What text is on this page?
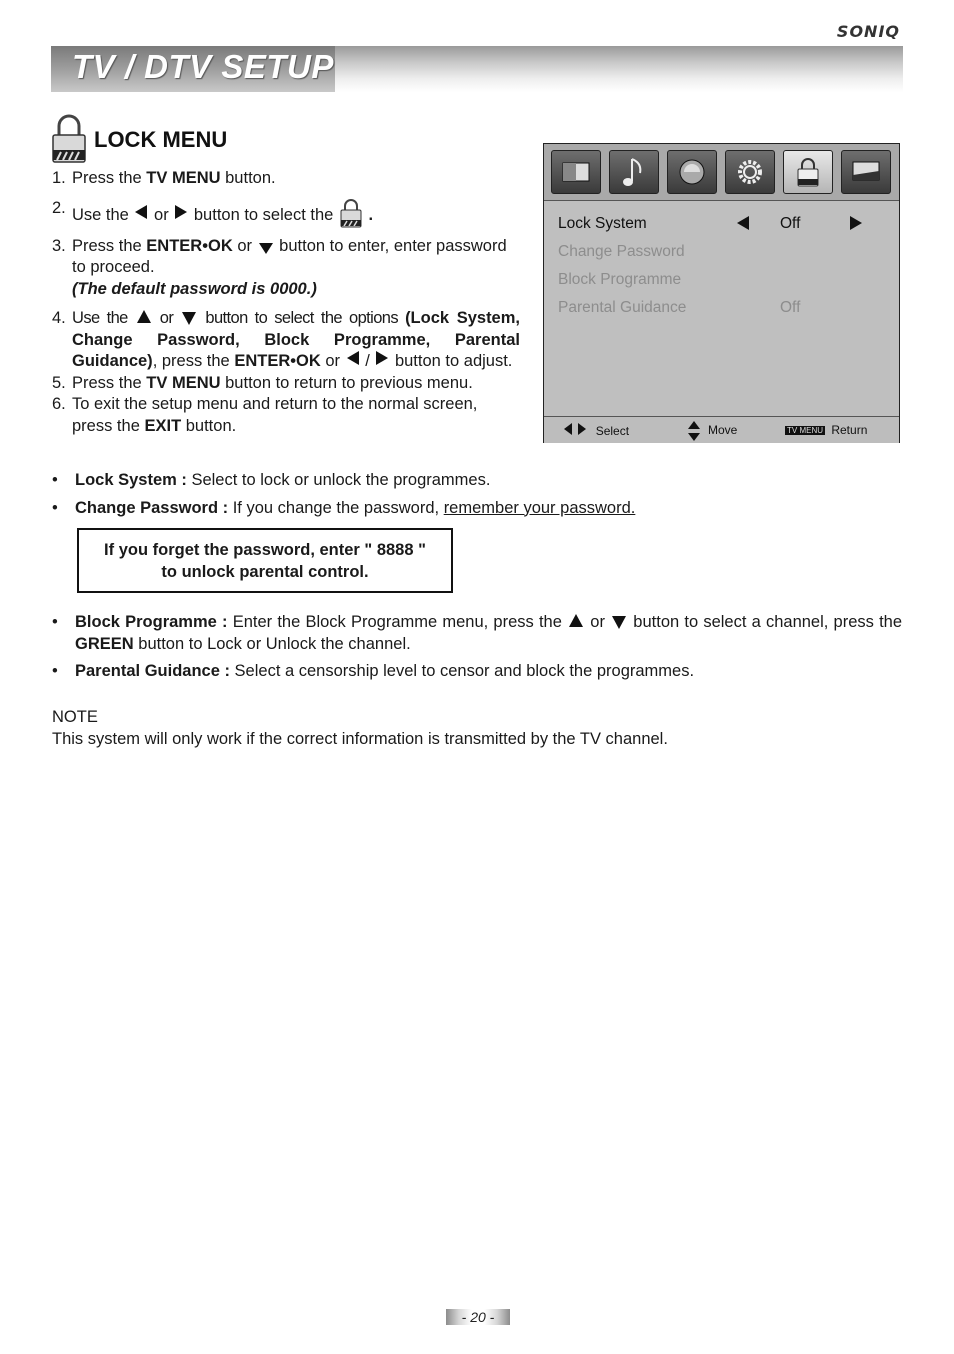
SONIQ
TV / DTV SETUP
LOCK MENU
1. Press the TV MENU button.
2. Use the  or  button to select the  .
3. Press the ENTER•OK or  button to enter, enter password to proceed.
(The default password is 0000.)
4. Use the  or  button to select the options (Lock System, Change Password, Block Programme, Parental Guidance), press the ENTER•OK or  /  button to adjust.
5. Press the TV MENU button to return to previous menu.
6. To exit the setup menu and return to the normal screen, press the EXIT button.
Lock System	Off
Change Password
Block Programme
Parental Guidance	Off
Select	Move	TV MENU Return
• Lock System : Select to lock or unlock the programmes.
• Change Password : If you change the password, remember your password.
If you forget the password, enter " 8888 "
to unlock parental control.
• Block Programme : Enter the Block Programme menu, press the  or  button to select a channel, press the GREEN button to Lock or Unlock the channel.
• Parental Guidance : Select a censorship level to censor and block the programmes.
NOTE
This system will only work if the correct information is transmitted by the TV channel.
- 20 -
